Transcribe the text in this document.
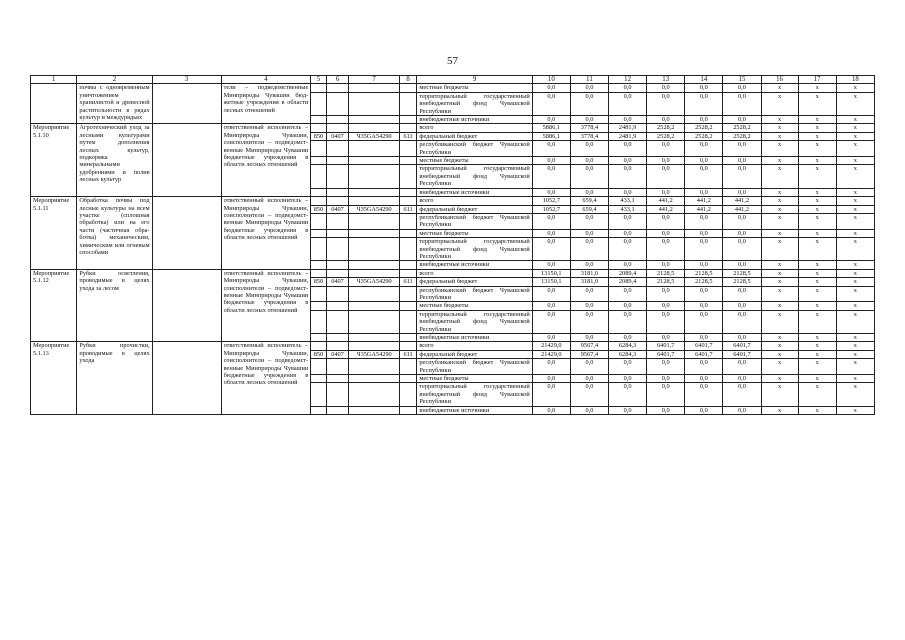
57
1	2	3	4	5	6	7	8	9	10	11	12	13	14	15	16	17	18
	почвы с одновременным уничтожением хранилистой и древесной растительности в рядах культур и междурядьях		тели – подведомственные Минприроды Чувашии бюджетные учреждения в области лесных отношений					местные бюджеты	0,0	0,0	0,0	0,0	0,0	0,0	x	x	x
								территориальный государственный внебюджетный фонд Чувашской Республики	0,0	0,0	0,0	0,0	0,0	0,0	x	x	x
								внебюджетные источники	0,0	0,0	0,0	0,0	0,0	0,0	x	x	x
Мероприятие 5.1.10	Агротехнический уход за лесными культурами путем дополнения лесных культур, подкормка минеральными удобрениями и полив лесных культур		ответственный исполнитель – Минприроды Чувашии, соисполнители – подведомственные Минприроды Чувашии бюджетные учреждения в области лесных отношений					всего	5886,1	3778,4	2481,9	2528,2	2528,2	2528,2	x	x	x
				850	0407	Ч35GА54290	611	федеральный бюджет	5886,1	3778,4	2481,9	2528,2	2528,2	2528,2	x	x	x
								республиканский бюджет Чувашской Республики	0,0	0,0	0,0	0,0	0,0	0,0	x	x	x
								местные бюджеты	0,0	0,0	0,0	0,0	0,0	0,0	x	x	x
								территориальный государственный внебюджетный фонд Чувашской Республики	0,0	0,0	0,0	0,0	0,0	0,0	x	x	x
								внебюджетные источники	0,0	0,0	0,0	0,0	0,0	0,0	x	x	x
Мероприятие 5.1.11	Обработка почвы под лесные культуры на всем участке (сплошная обработка) или на его части (частичная обработка) механическим, химическим или огневым способами		ответственный исполнитель – Минприроды Чувашии, соисполнители – подведомственные Минприроды Чувашии бюджетные учреждения в области лесных отношений					всего	1052,7	659,4	433,1	441,2	441,2	441,2	x	x	x
				850	0407	Ч35GА54290	611	федеральный бюджет	1052,7	659,4	433,1	441,2	441,2	441,2	x	x	x
								республиканский бюджет Чувашской Республики	0,0	0,0	0,0	0,0	0,0	0,0	x	x	x
								местные бюджеты	0,0	0,0	0,0	0,0	0,0	0,0	x	x	x
								территориальный государственный внебюджетный фонд Чувашской Республики	0,0	0,0	0,0	0,0	0,0	0,0	x	x	x
								внебюджетные источники	0,0	0,0	0,0	0,0	0,0	0,0	x	x	x
Мероприятие 5.1.12	Рубки осветления, проводимые в целях ухода за лесом		ответственный исполнитель – Минприроды Чувашии, соисполнители – подведомственные Минприроды Чувашии бюджетные учреждения в области лесных отношений					всего	13150,1	3181,0	2089,4	2128,5	2128,5	2128,5	x	x	x
				850	0407	Ч35GА54290	611	федеральный бюджет	13150,1	3181,0	2089,4	2128,5	2128,5	2128,5	x	x	x
								республиканский бюджет Чувашской Республики	0,0	0,0	0,0	0,0	0,0	0,0	x	x	x
								местные бюджеты	0,0	0,0	0,0	0,0	0,0	0,0	x	x	x
								территориальный государственный внебюджетный фонд Чувашской Республики	0,0	0,0	0,0	0,0	0,0	0,0	x	x	x
								внебюджетные источники	0,0	0,0	0,0	0,0	0,0	0,0	x	x	x
Мероприятие 5.1.13	Рубки прочистки, проводимые в целях ухода		ответственный исполнитель – Минприроды Чувашии, соисполнители – подведомственные Минприроды Чувашии бюджетные учреждения в области лесных отношений					всего	21429,0	9567,4	6284,3	6401,7	6401,7	6401,7	x	x	x
				850	0407	Ч35GА54290	611	федеральный бюджет	21429,0	9567,4	6284,3	6401,7	6401,7	6401,7	x	x	x
								республиканский бюджет Чувашской Республики	0,0	0,0	0,0	0,0	0,0	0,0	x	x	x
								местные бюджеты	0,0	0,0	0,0	0,0	0,0	0,0	x	x	x
								территориальный государственный внебюджетный фонд Чувашской Республики	0,0	0,0	0,0	0,0	0,0	0,0	x	x	x
								внебюджетные источники	0,0	0,0	0,0	0,0	0,0	0,0	x	x	x
